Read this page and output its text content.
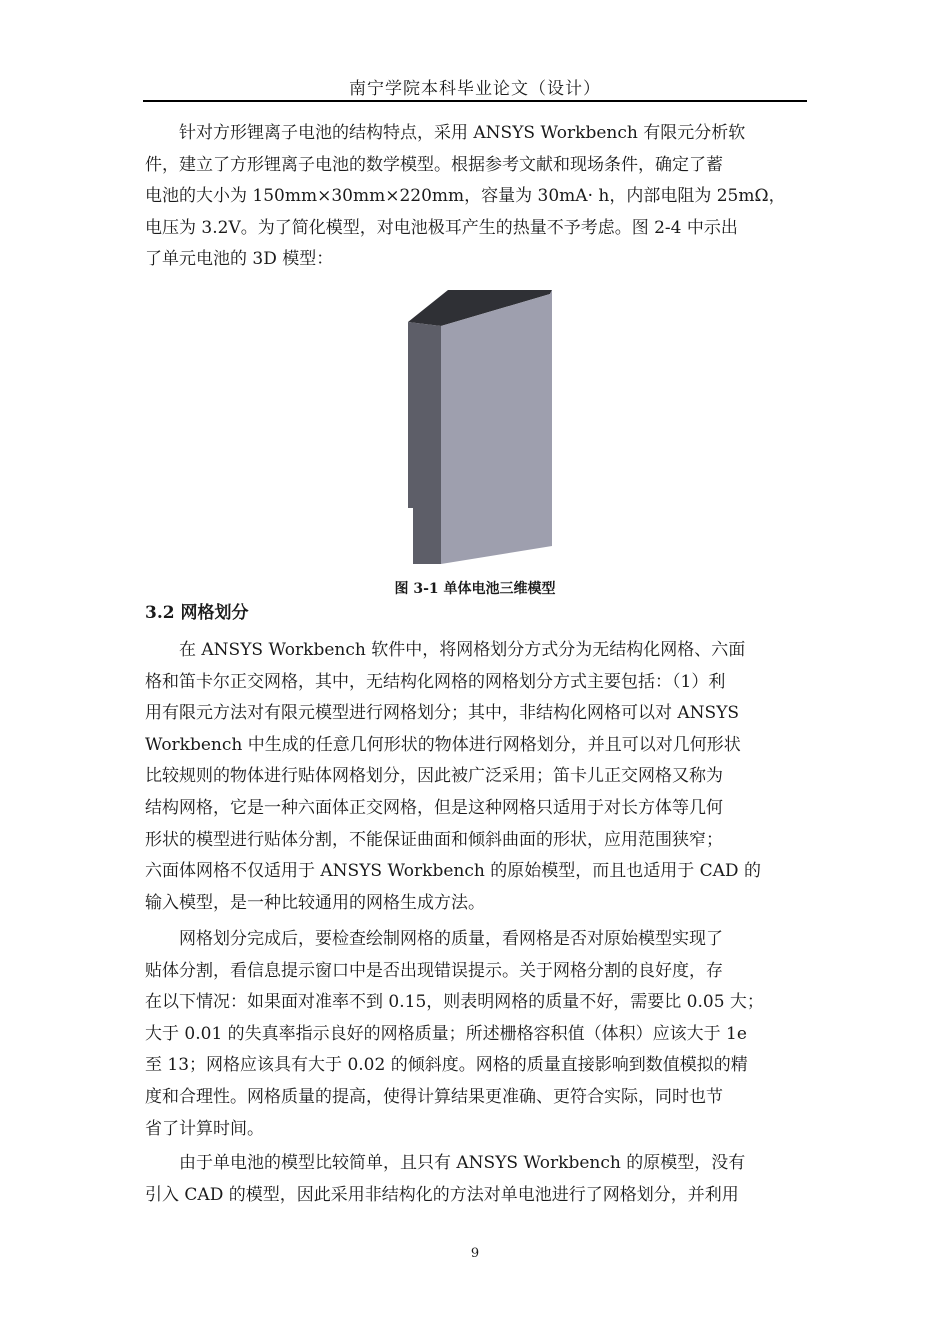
南宁学院本科毕业论文（设计）
　　针对方形锂离子电池的结构特点，采用 ANSYS Workbench 有限元分析软
件，建立了方形锂离子电池的数学模型。根据参考文献和现场条件，确定了蓄
电池的大小为 150mm×30mm×220mm，容量为 30mA· h，内部电阻为 25mΩ，
电压为 3.2V。为了简化模型，对电池极耳产生的热量不予考虑。图 2-4 中示出
了单元电池的 3D 模型：
图 3-1 单体电池三维模型
3.2 网格划分
　　在 ANSYS Workbench 软件中，将网格划分方式分为无结构化网格、六面
格和笛卡尔正交网格，其中，无结构化网格的网格划分方式主要包括：（1）利
用有限元方法对有限元模型进行网格划分；其中，非结构化网格可以对 ANSYS
Workbench 中生成的任意几何形状的物体进行网格划分，并且可以对几何形状
比较规则的物体进行贴体网格划分，因此被广泛采用；笛卡儿正交网格又称为
结构网格，它是一种六面体正交网格，但是这种网格只适用于对长方体等几何
形状的模型进行贴体分割，不能保证曲面和倾斜曲面的形状，应用范围狭窄；
六面体网格不仅适用于 ANSYS Workbench 的原始模型，而且也适用于 CAD 的
输入模型，是一种比较通用的网格生成方法。
　　网格划分完成后，要检查绘制网格的质量，看网格是否对原始模型实现了
贴体分割，看信息提示窗口中是否出现错误提示。关于网格分割的良好度，存
在以下情况：如果面对准率不到 0.15，则表明网格的质量不好，需要比 0.05 大；
大于 0.01 的失真率指示良好的网格质量；所述栅格容积值（体积）应该大于 1e
至 13；网格应该具有大于 0.02 的倾斜度。网格的质量直接影响到数值模拟的精
度和合理性。网格质量的提高，使得计算结果更准确、更符合实际，同时也节
省了计算时间。
　　由于单电池的模型比较简单，且只有 ANSYS Workbench 的原模型，没有
引入 CAD 的模型，因此采用非结构化的方法对单电池进行了网格划分，并利用
9
